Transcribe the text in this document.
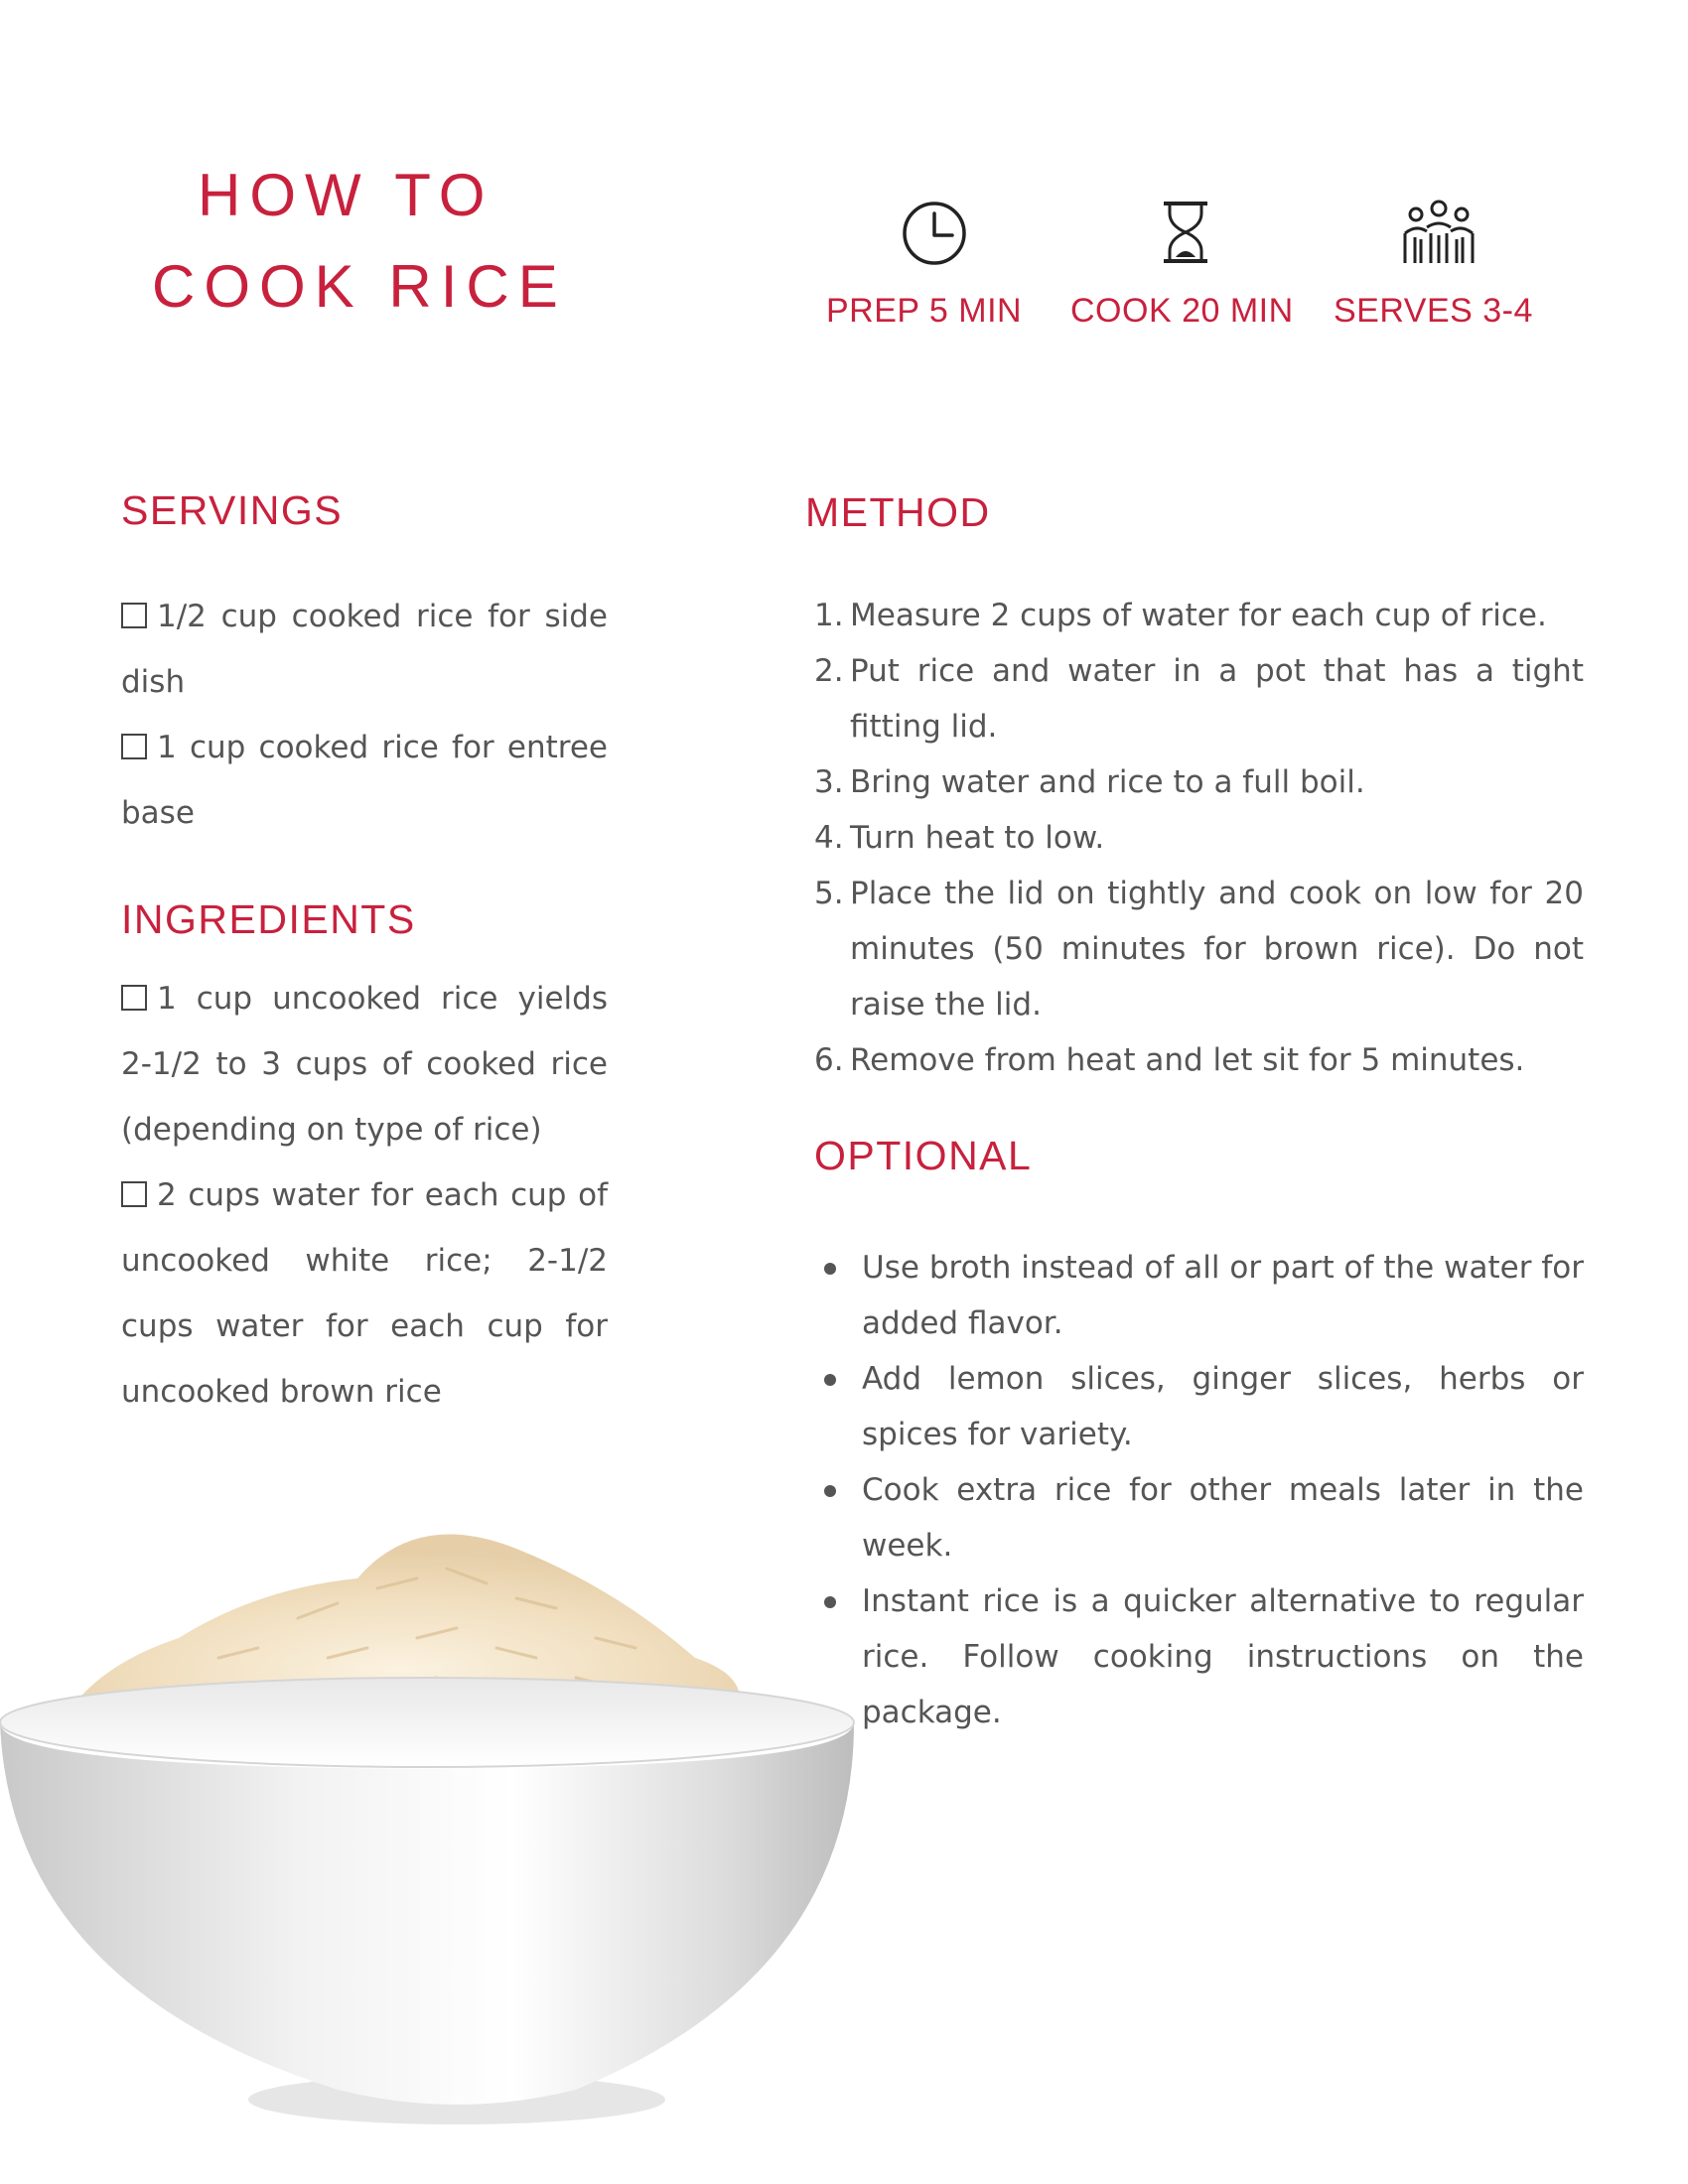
HOW TO
COOK RICE	PREP 5 MIN COOK 20 MIN SERVES 3-4
SERVINGS
1/2 cup cooked rice for side dish
1 cup cooked rice for entree base
INGREDIENTS
1 cup uncooked rice yields 2-1/2 to 3 cups of cooked rice (depending on type of rice)
2 cups water for each cup of uncooked white rice; 2-1/2 cups water for each cup for uncooked brown rice
METHOD
1. Measure 2 cups of water for each cup of rice.
2. Put rice and water in a pot that has a tight fitting lid.
3. Bring water and rice to a full boil.
4. Turn heat to low.
5. Place the lid on tightly and cook on low for 20 minutes (50 minutes for brown rice). Do not raise the lid.
6. Remove from heat and let sit for 5 minutes.
OPTIONAL
Use broth instead of all or part of the water for added flavor.
Add lemon slices, ginger slices, herbs or spices for variety.
Cook extra rice for other meals later in the week.
Instant rice is a quicker alternative to regular rice. Follow cooking instructions on the package.
